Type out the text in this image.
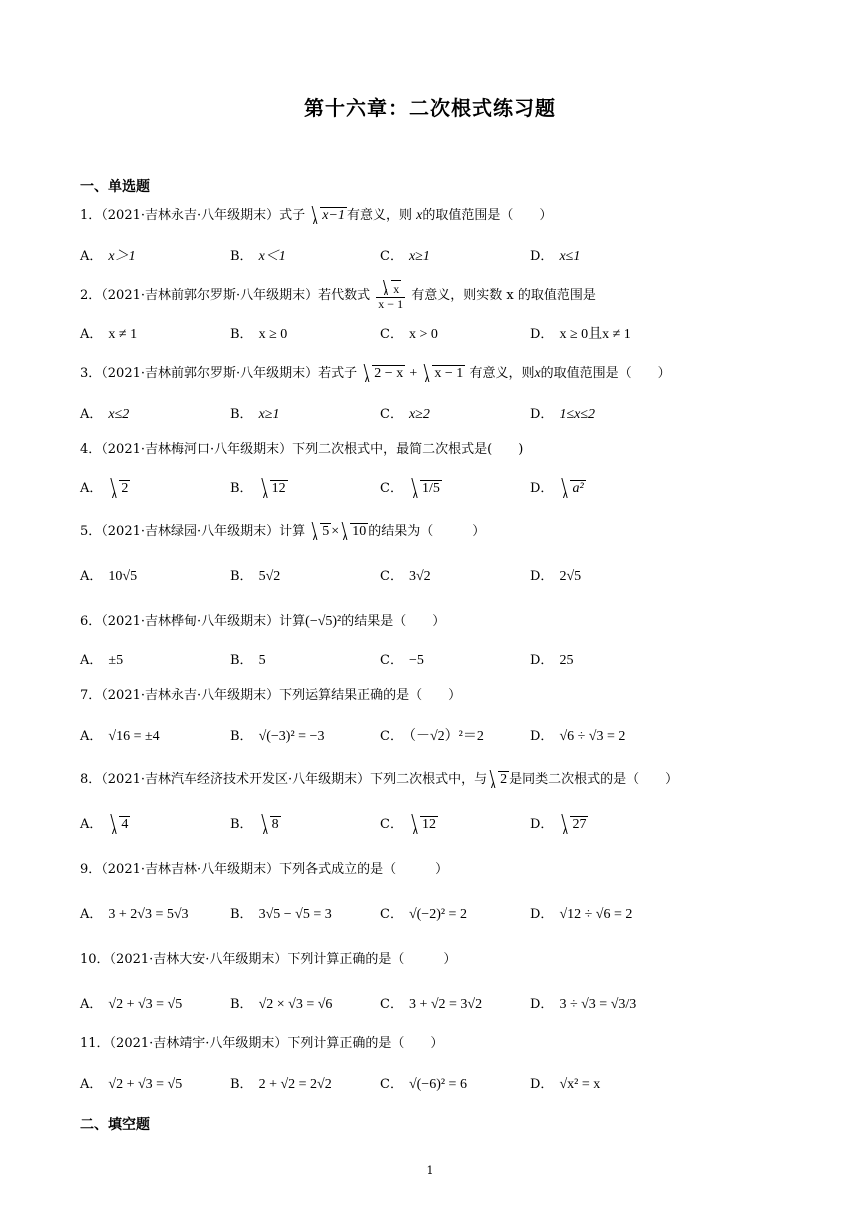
第十六章：二次根式练习题
一、单选题
1．（2021·吉林永吉·八年级期末）式子 x−1 有意义，则 x的取值范围是（　　）
A． x＞1	B． x＜1	C． x≥1	D． x≤1
2．（2021·吉林前郭尔罗斯·八年级期末）若代数式 $\frac{x}{x - 1}$ 有意义，则实数 x 的取值范围是
A． x ≠ 1	B． x ≥ 0	C． x > 0	D． x ≥ 0且x ≠ 1
3．（2021·吉林前郭尔罗斯·八年级期末）若式子 2 − x + x − 1 有意义，则x的取值范围是（　　）
A． x≤2	B． x≥1	C． x≥2	D． 1≤x≤2
4．（2021·吉林梅河口·八年级期末）下列二次根式中，最简二次根式是(　　)
A． 2	B． 12	C． 1/5	D． a²
5．（2021·吉林绿园·八年级期末）计算 5 × 10 的结果为（　　　）
A． 10√5	B． 5√2	C． 3√2	D． 2√5
6．（2021·吉林桦甸·八年级期末）计算(−√5)²的结果是（　　）
A． ±5	B． 5	C． −5	D． 25
7．（2021·吉林永吉·八年级期末）下列运算结果正确的是（　　）
A． √16 = ±4	B． √(−3)² = −3	C． （－√2）²＝2	D． √6 ÷ √3 = 2
8．（2021·吉林汽车经济技术开发区·八年级期末）下列二次根式中，与 2 是同类二次根式的是（　　）
A． 4	B． 8	C． 12	D． 27
9．（2021·吉林吉林·八年级期末）下列各式成立的是（　　　）
A． 3 + 2√3 = 5√3	B． 3√5 − √5 = 3	C． √(−2)² = 2	D． √12 ÷ √6 = 2
10．（2021·吉林大安·八年级期末）下列计算正确的是（　　　）
A． √2 + √3 = √5	B． √2 × √3 = √6	C． 3 + √2 = 3√2	D． 3 ÷ √3 = √3/3
11．（2021·吉林靖宇·八年级期末）下列计算正确的是（　　）
A． √2 + √3 = √5	B． 2 + √2 = 2√2	C． √(−6)² = 6	D． √x² = x
二、填空题
1
